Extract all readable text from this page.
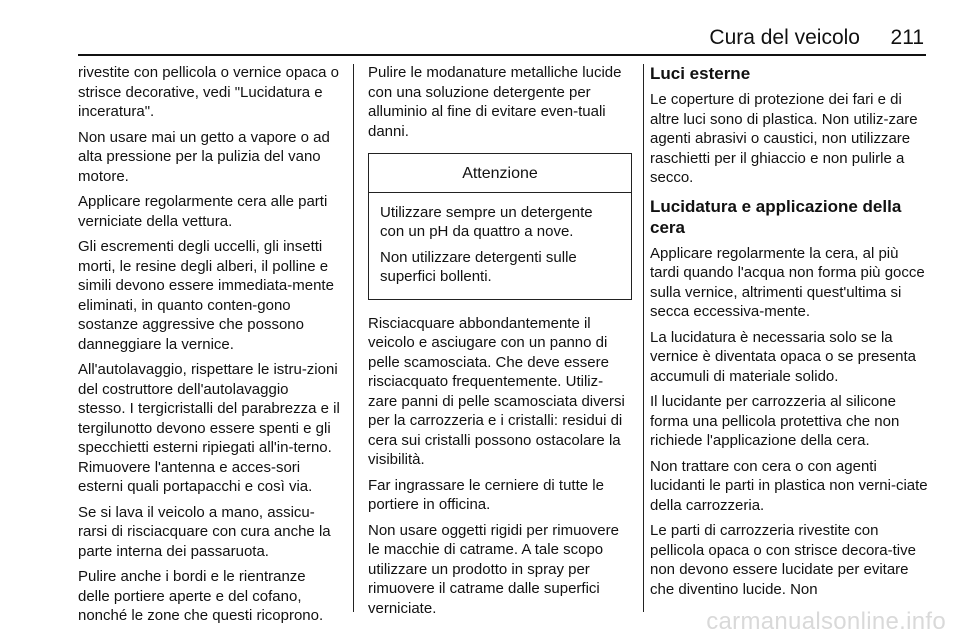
Cura del veicolo 211

rivestite con pellicola o vernice opaca o strisce decorative, vedi "Lucidatura e inceratura".

Non usare mai un getto a vapore o ad alta pressione per la pulizia del vano motore.

Applicare regolarmente cera alle parti verniciate della vettura.

Gli escrementi degli uccelli, gli insetti morti, le resine degli alberi, il polline e simili devono essere immediata-mente eliminati, in quanto conten-gono sostanze aggressive che possono danneggiare la vernice.

All'autolavaggio, rispettare le istru-zioni del costruttore dell'autolavaggio stesso. I tergicristalli del parabrezza e il tergilunotto devono essere spenti e gli specchietti esterni ripiegati all'in-terno. Rimuovere l'antenna e acces-sori esterni quali portapacchi e così via.

Se si lava il veicolo a mano, assicu-rarsi di risciacquare con cura anche la parte interna dei passaruota.

Pulire anche i bordi e le rientranze delle portiere aperte e del cofano, nonché le zone che questi ricoprono.

Pulire le modanature metalliche lucide con una soluzione detergente per alluminio al fine di evitare even-tuali danni.

Attenzione

Utilizzare sempre un detergente con un pH da quattro a nove.

Non utilizzare detergenti sulle superfici bollenti.

Risciacquare abbondantemente il veicolo e asciugare con un panno di pelle scamosciata. Che deve essere risciacquato frequentemente. Utiliz-zare panni di pelle scamosciata diversi per la carrozzeria e i cristalli: residui di cera sui cristalli possono ostacolare la visibilità.

Far ingrassare le cerniere di tutte le portiere in officina.

Non usare oggetti rigidi per rimuovere le macchie di catrame. A tale scopo utilizzare un prodotto in spray per rimuovere il catrame dalle superfici verniciate.

Luci esterne

Le coperture di protezione dei fari e di altre luci sono di plastica. Non utiliz-zare agenti abrasivi o caustici, non utilizzare raschietti per il ghiaccio e non pulirle a secco.

Lucidatura e applicazione della cera

Applicare regolarmente la cera, al più tardi quando l'acqua non forma più gocce sulla vernice, altrimenti quest'ultima si secca eccessiva-mente.

La lucidatura è necessaria solo se la vernice è diventata opaca o se presenta accumuli di materiale solido.

Il lucidante per carrozzeria al silicone forma una pellicola protettiva che non richiede l'applicazione della cera.

Non trattare con cera o con agenti lucidanti le parti in plastica non verni-ciate della carrozzeria.

Le parti di carrozzeria rivestite con pellicola opaca o con strisce decora-tive non devono essere lucidate per evitare che diventino lucide. Non

carmanualsonline.info
